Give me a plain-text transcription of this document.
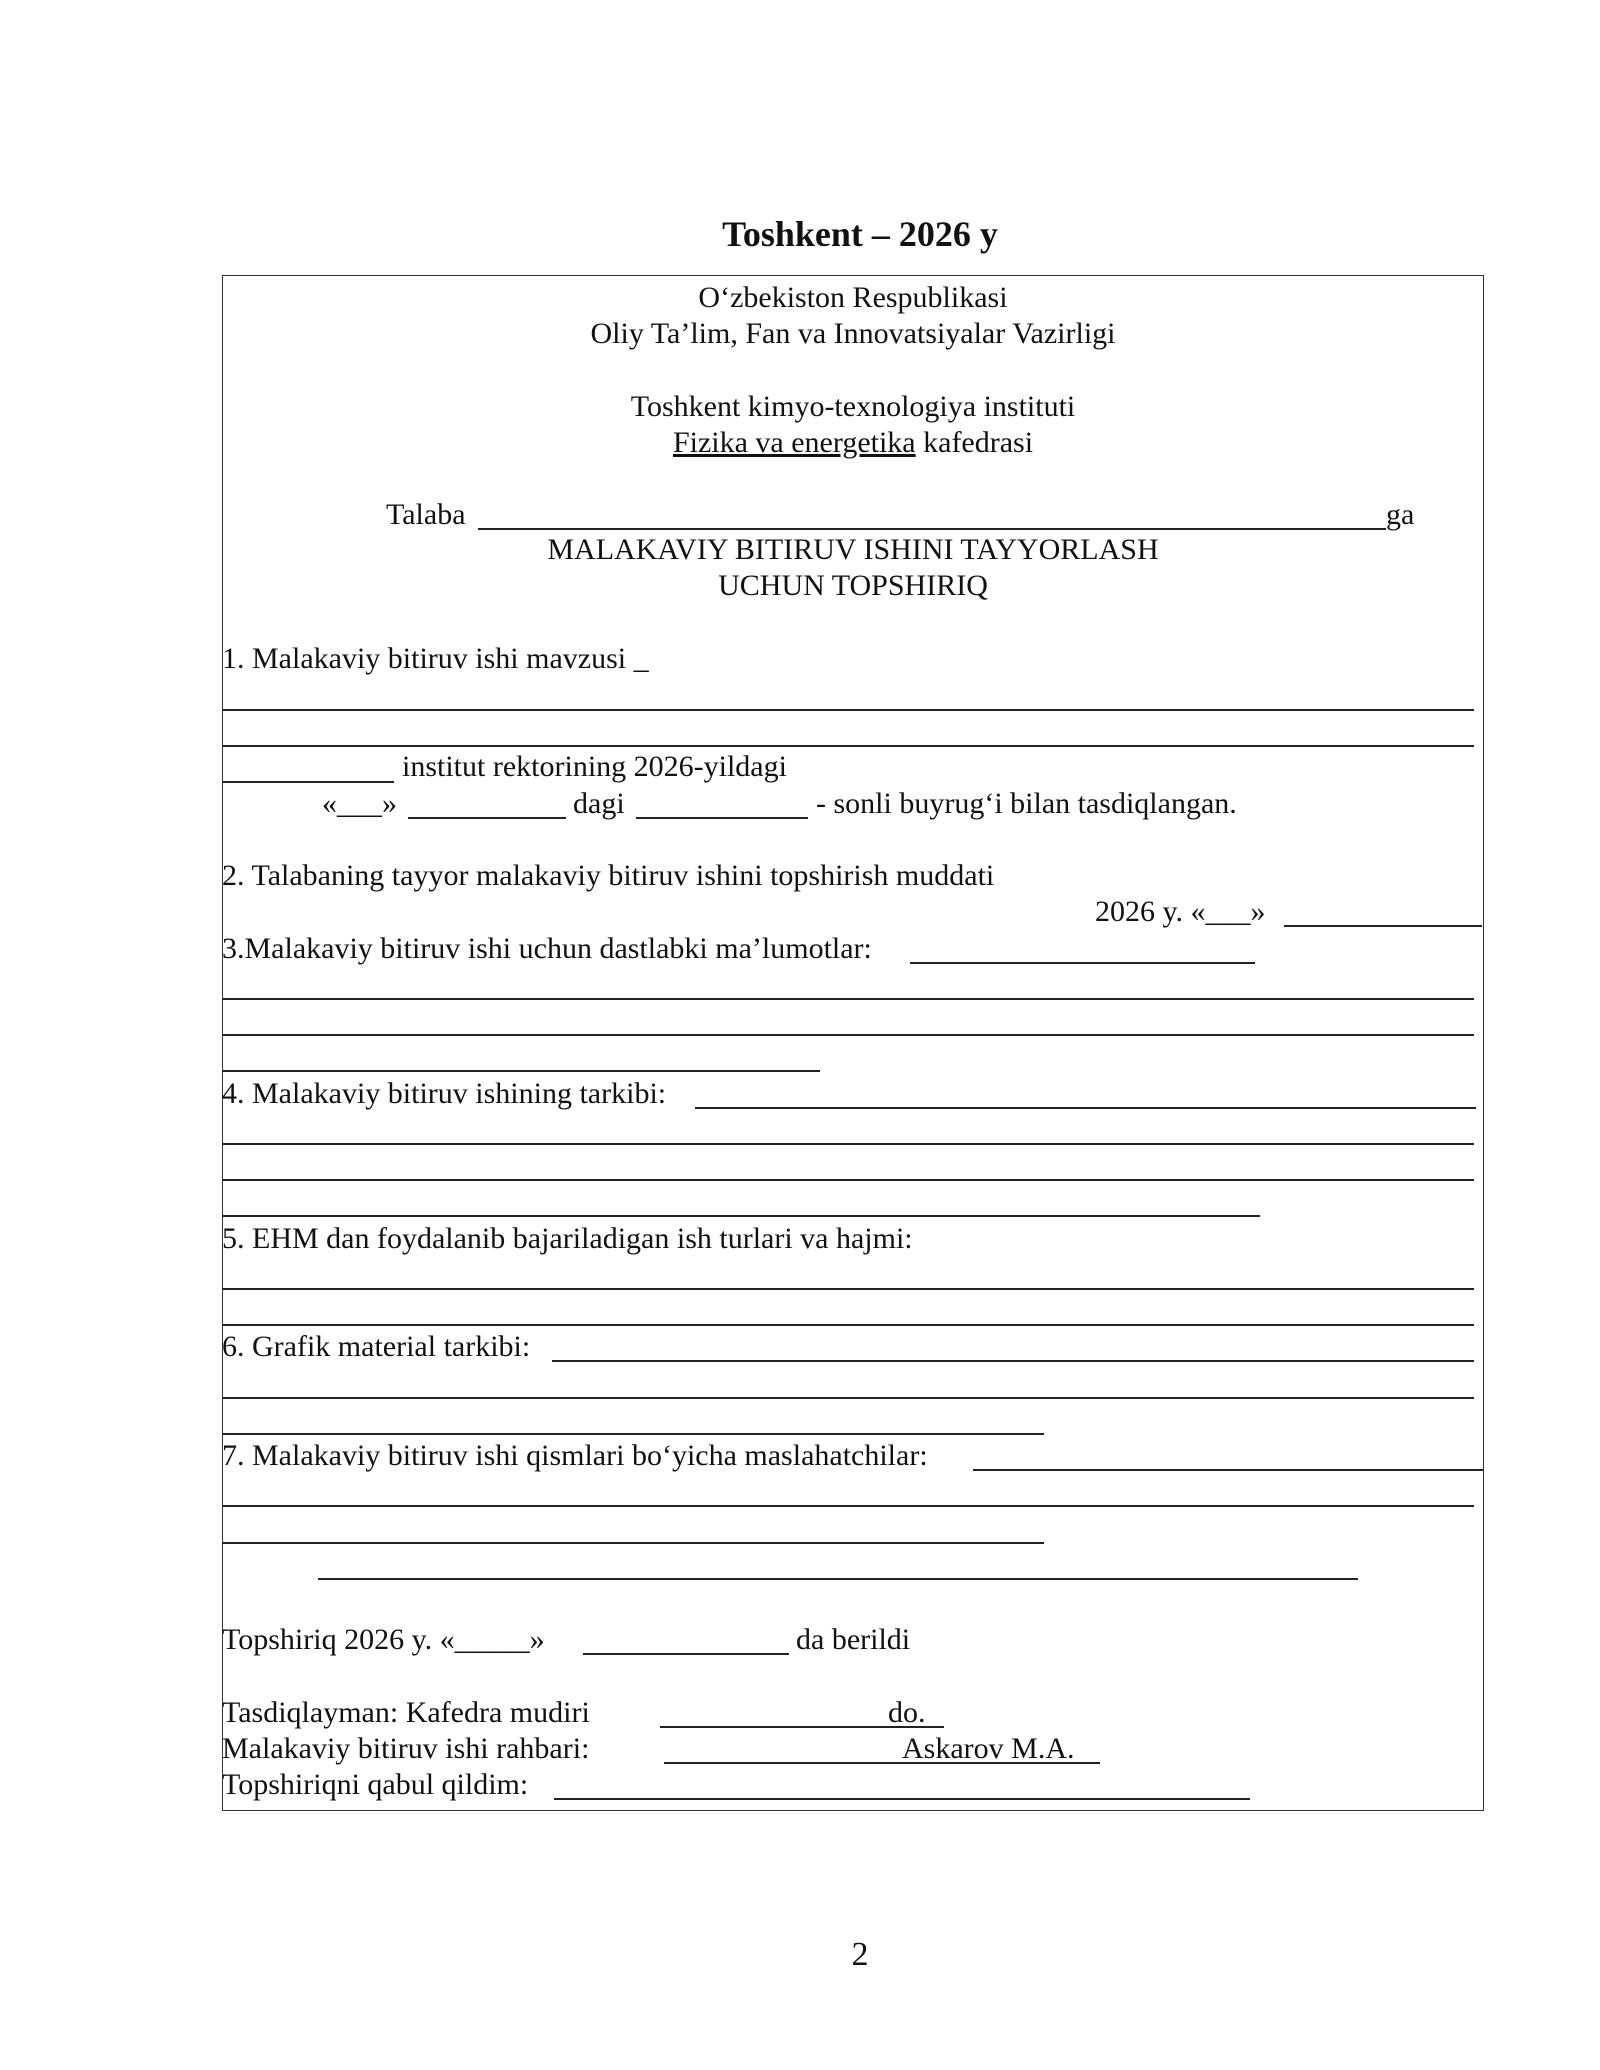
Toshkent – 2026 y
O‘zbekiston Respublikasi
Oliy Ta’lim, Fan va Innovatsiyalar Vazirligi
Toshkent kimyo-texnologiya instituti
Fizika va energetika kafedrasi
Talaba	ga
MALAKAVIY BITIRUV ISHINI TAYYORLASH
UCHUN TOPSHIRIQ
1. Malakaviy bitiruv ishi mavzusi _
institut rektorining 2026-yildagi
«___»	dagi	- sonli buyrug‘i bilan tasdiqlangan.
2. Talabaning tayyor malakaviy bitiruv ishini topshirish muddati
2026 y. «___»
3.Malakaviy bitiruv ishi uchun dastlabki ma’lumotlar:
4. Malakaviy bitiruv ishining tarkibi:
5. EHM dan foydalanib bajariladigan ish turlari va hajmi:
6. Grafik material tarkibi:
7. Malakaviy bitiruv ishi qismlari bo‘yicha maslahatchilar:
Topshiriq 2026 y. «_____»	da berildi
Tasdiqlayman: Kafedra mudiri	do.
Malakaviy bitiruv ishi rahbari:	Askarov M.A.
Topshiriqni qabul qildim:
2
